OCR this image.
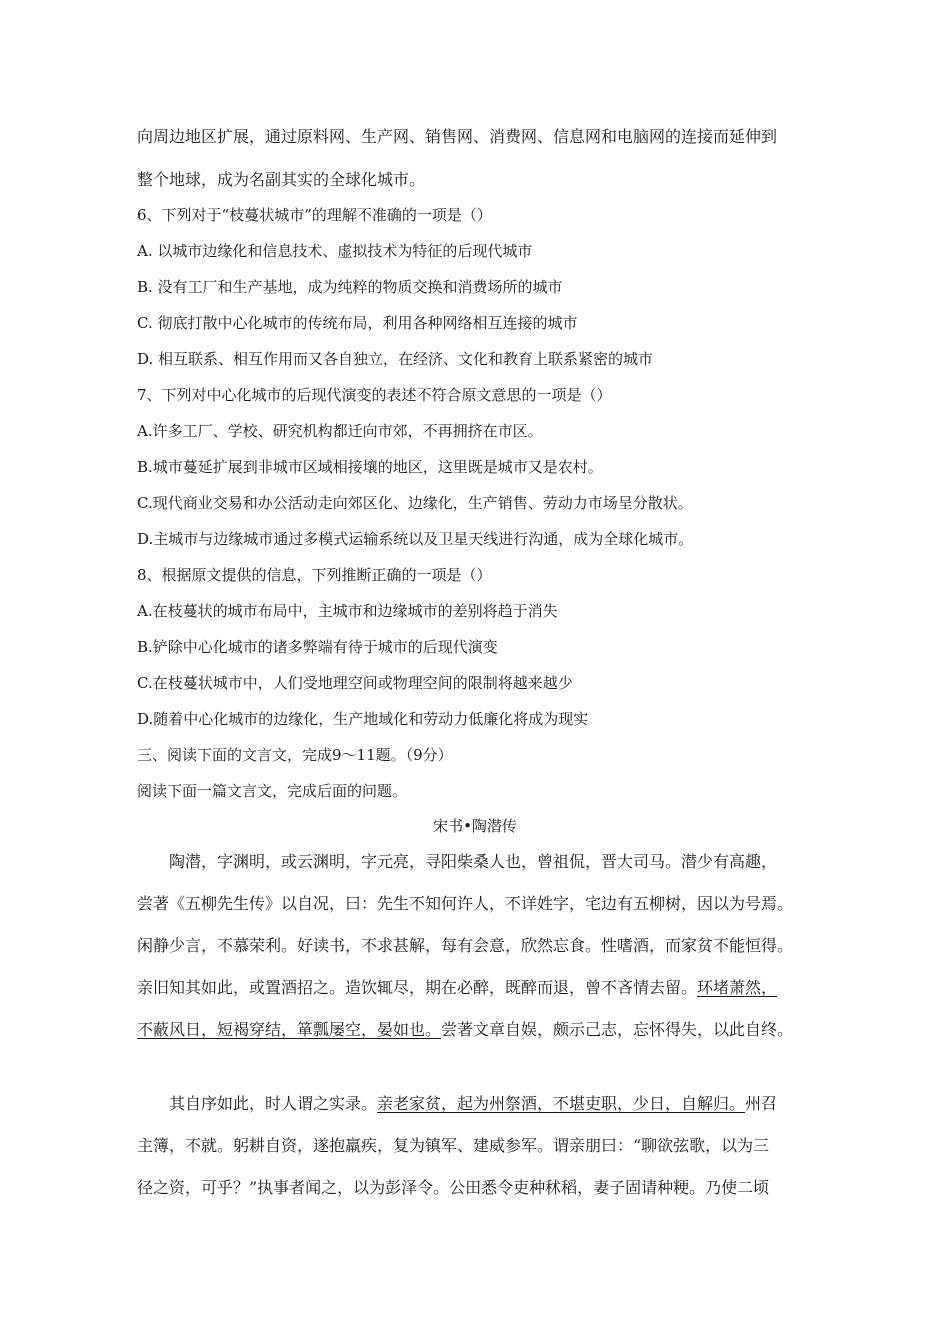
向周边地区扩展，通过原料网、生产网、销售网、消费网、信息网和电脑网的连接而延伸到
整个地球，成为名副其实的全球化城市。
6、下列对于“枝蔓状城市”的理解不准确的一项是（）
A. 以城市边缘化和信息技术、虚拟技术为特征的后现代城市
B. 没有工厂和生产基地，成为纯粹的物质交换和消费场所的城市
C. 彻底打散中心化城市的传统布局，利用各种网络相互连接的城市
D. 相互联系、相互作用而又各自独立，在经济、文化和教育上联系紧密的城市
7、下列对中心化城市的后现代演变的表述不符合原文意思的一项是（）
A.许多工厂、学校、研究机构都迁向市郊，不再拥挤在市区。
B.城市蔓延扩展到非城市区域相接壤的地区，这里既是城市又是农村。
C.现代商业交易和办公活动走向郊区化、边缘化，生产销售、劳动力市场呈分散状。
D.主城市与边缘城市通过多模式运输系统以及卫星天线进行沟通，成为全球化城市。
8、根据原文提供的信息，下列推断正确的一项是（）
A.在枝蔓状的城市布局中，主城市和边缘城市的差别将趋于消失
B.铲除中心化城市的诸多弊端有待于城市的后现代演变
C.在枝蔓状城市中，人们受地理空间或物理空间的限制将越来越少
D.随着中心化城市的边缘化，生产地域化和劳动力低廉化将成为现实
三、阅读下面的文言文，完成9～11题。（9分）
阅读下面一篇文言文，完成后面的问题。
宋书•陶潜传
陶潜，字渊明，或云渊明，字元亮，寻阳柴桑人也，曾祖侃，晋大司马。潜少有高趣，
尝著《五柳先生传》以自况，曰：先生不知何许人，不详姓字，宅边有五柳树，因以为号焉。
闲静少言，不慕荣利。好读书，不求甚解，每有会意，欣然忘食。性嗜酒，而家贫不能恒得。
亲旧知其如此，或置酒招之。造饮辄尽，期在必醉，既醉而退，曾不吝情去留。环堵萧然，
不蔽风日，短褐穿结，箪瓢屡空，晏如也。尝著文章自娱，颇示己志，忘怀得失，以此自终。
其自序如此，时人谓之实录。亲老家贫，起为州祭酒，不堪吏职，少日，自解归。州召
主簿，不就。躬耕自资，遂抱羸疾，复为镇军、建威参军。谓亲朋曰：“聊欲弦歌，以为三
径之资，可乎？”执事者闻之，以为彭泽令。公田悉令吏种秫稻，妻子固请种粳。乃使二顷
